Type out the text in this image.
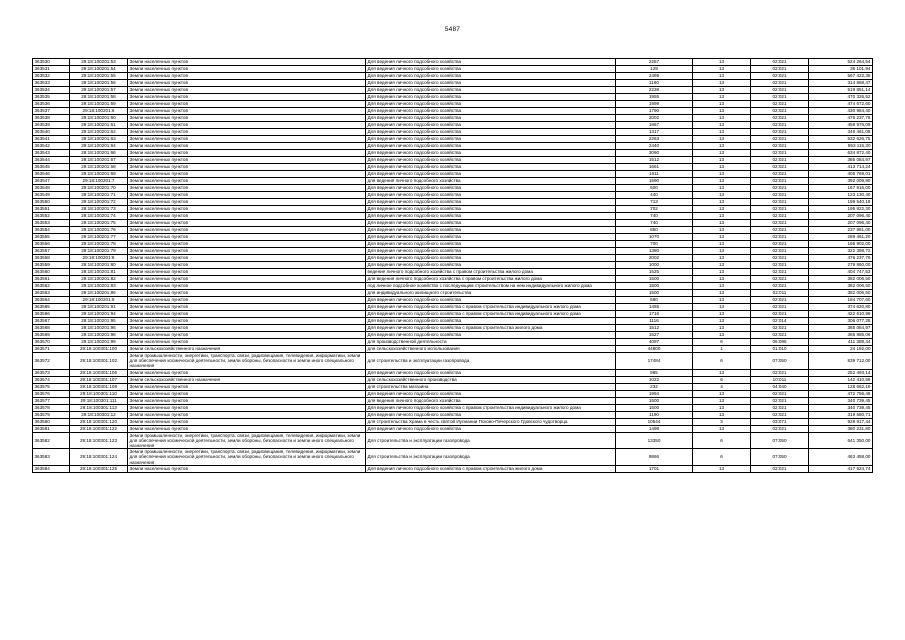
5487
363530	29:18:100201:53	Земли населенных пунктов	Для ведения личного подсобного хозяйства	2257	13	02:021	524 264,54
363531	29:18:100201:54	Земли населенных пунктов	Для ведения личного подсобного хозяйства	129	13	02:021	36 101,94
363532	29:18:100201:55	Земли населенных пунктов	Для ведения личного подсобного хозяйства	2499	13	02:021	567 422,35
363533	29:18:100201:56	Земли населенных пунктов	Для ведения личного подсобного хозяйства	1160	13	02:021	314 868,47
363534	29:18:100201:57	Земли населенных пунктов	Для ведения личного подсобного хозяйства	2238	13	02:021	519 851,14
363535	29:18:100201:58	Земли населенных пунктов	Для ведения личного подсобного хозяйства	1955	13	02:021	470 326,52
363536	29:18:100201:59	Земли населенных пунктов	Для ведения личного подсобного хозяйства	1999	13	02:021	474 672,60
363537	29:18:100201:6	Земли населенных пунктов	Для ведения личного подсобного хозяйства	1790	13	02:021	430 984,40
363538	29:18:100201:60	Земли населенных пунктов	Для ведения личного подсобного хозяйства	2002	13	02:021	476 237,76
363539	29:18:100201:61	Земли населенных пунктов	Для ведения личного подсобного хозяйства	1867	13	02:021	458 976,09
363540	29:18:100201:62	Земли населенных пунктов	Для ведения личного подсобного хозяйства	1317	13	02:021	346 461,08
363541	29:18:100201:63	Земли населенных пунктов	Для ведения личного подсобного хозяйства	2263	13	02:021	532 626,75
363542	29:18:100201:64	Земли населенных пунктов	Для ведения личного подсобного хозяйства	2440	13	02:021	553 115,30
363543	29:18:100201:66	Земли населенных пунктов	Для ведения личного подсобного хозяйства	3060	13	02:021	634 872,40
363544	29:18:100201:67	Земли населенных пунктов	Для ведения личного подсобного хозяйства	1512	13	02:021	385 084,97
363545	29:18:100201:68	Земли населенных пунктов	Для ведения личного подсобного хозяйства	1661	13	02:021	413 714,24
363546	29:18:100201:69	Земли населенных пунктов	Для ведения личного подсобного хозяйства	1611	13	02:021	405 769,01
363547	29:18:100201:7	Земли населенных пунктов	для ведения личного подсобного хозяйства	1590	13	02:021	392 009,90
363548	29:18:100201:70	Земли населенных пунктов	Для ведения личного подсобного хозяйства	600	13	02:021	167 916,00
363549	29:18:100201:71	Земли населенных пунктов	Для ведения личного подсобного хозяйства	440	13	02:021	123 130,40
363550	29:18:100201:72	Земли населенных пунктов	Для ведения личного подсобного хозяйства	713	13	02:021	199 540,18
363551	29:18:100201:73	Земли населенных пунктов	Для ведения личного подсобного хозяйства	702	13	02:021	195 922,30
363552	29:18:100201:74	Земли населенных пунктов	Для ведения личного подсобного хозяйства	740	13	02:021	207 096,40
363553	29:18:100201:75	Земли населенных пунктов	Для ведения личного подсобного хозяйства	740	13	02:021	207 096,40
363554	29:18:100201:76	Земли населенных пунктов	Для ведения личного подсобного хозяйства	850	13	02:021	237 881,00
363555	29:18:100201:77	Земли населенных пунктов	Для ведения личного подсобного хозяйства	1070	13	02:021	289 461,20
363556	29:18:100201:78	Земли населенных пунктов	Для ведения личного подсобного хозяйства	700	13	02:021	195 902,00
363557	29:18:100201:79	Земли населенных пунктов	Для ведения личного подсобного хозяйства	1380	13	02:021	322 398,72
363558	29:18:100201:8	Земли населенных пунктов	Для ведения личного подсобного хозяйства	2002	13	02:021	476 237,76
363559	29:18:100201:80	Земли населенных пунктов	Для ведения личного подсобного хозяйства	1000	13	02:021	279 860,00
363560	29:18:100201:81	Земли населенных пунктов	ведение личного подсобного хозяйства с правом строительства жилого дома	1525	13	02:021	404 747,53
363561	29:18:100201:82	Земли населенных пунктов	для ведения личного подсобного хозяйства с правом строительства жилого дома	1500	13	02:021	382 006,50
363562	29:18:100201:83	Земли населенных пунктов	под личное подсобное хозяйство с последующим строительством на нем индивидуального жилого дома	1500	13	02:021	382 006,50
363563	29:18:100201:86	Земли населенных пунктов	для индивидуального жилищного строительства	1500	13	02:011	382 006,50
363564	29:18:100201:9	Земли населенных пунктов	Для ведения личного подсобного хозяйства	660	13	02:021	184 707,60
363565	29:18:100201:91	Земли населенных пунктов	Для ведения личного подсобного хозяйства с правом строительства индивидуального жилого дома	1455	13	02:021	374 620,80
363566	29:18:100201:94	Земли населенных пунктов	Для ведения личного подсобного хозяйства с правом строительства индивидуального жилого дома	1716	13	02:021	422 610,99
363567	29:18:100201:95	Земли населенных пунктов	Для ведения личного подсобного хозяйства	1116	13	02:014	306 077,28
363568	29:18:100201:96	Земли населенных пунктов	Для ведения личного подсобного хозяйства с правом строительства жилого дома	1512	13	02:021	385 084,97
363569	29:18:100201:98	Земли населенных пунктов	Для ведения личного подсобного хозяйства	1527	13	02:021	386 885,06
363570	29:18:100201:99	Земли населенных пунктов	для производственной деятельности	4097	6	06:096	411 388,44
363571	29:18:100301:100	Земли сельскохозяйственного назначения	для сельскохозяйственного использования	44800	1	01:010	24 192,00
363572	29:18:100301:102	Земли промышленности, энергетики, транспорта, связи, радиовещания, телевидения, информатики, земли для обеспечения космической деятельности, земли обороны, безопасности и земли иного специального назначения	для строительства и эксплуатации газопровода	17484	6	07:050	839 712,00
363573	29:18:100301:106	Земли населенных пунктов	Для ведения личного подсобного хозяйства	965	13	02:021	252 493,14
363574	29:18:100301:107	Земли сельскохозяйственного назначения	для сельскохозяйственного производства	1022	6	10:011	142 410,59
363575	29:18:100301:108	Земли населенных пунктов	для строительства магазина	232	4	04:040	128 662,19
363576	29:18:100301:110	Земли населенных пунктов	Для ведения личного подсобного хозяйства	1994	13	02:021	472 756,46
363577	29:18:100301:111	Земли населенных пунктов	для ведения личного подсобного хозяйства	1500	13	02:021	340 739,45
363578	29:18:100301:113	Земли населенных пунктов	Для ведения личного подсобного хозяйства с правом строительства индивидуального жилого дома	1500	13	02:021	340 739,45
363579	29:18:100301:12	Земли населенных пунктов	Для ведения личного подсобного хозяйства	1190	13	02:021	319 580,71
363580	29:18:100301:120	Земли населенных пунктов	для строительства Храма в честь святой Иулиании Псково-Печерского Гдовского чудотворца	10544	3	03:071	928 917,44
363581	29:18:100301:122	Земли населенных пунктов	Для ведения личного подсобного хозяйства	1498	13	02:021	380 231,80
363582	29:18:100301:123	Земли промышленности, энергетики, транспорта, связи, радиовещания, телевидения, информатики, земли для обеспечения космической деятельности, земли обороны, безопасности и земли иного специального назначения	Для строительства и эксплуатации газопровода	13350	6	07:050	641 350,00
363583	29:18:100301:124	Земли промышленности, энергетики, транспорта, связи, радиовещания, телевидения, информатики, земли для обеспечения космической деятельности, земли обороны, безопасности и земли иного специального назначения	Для строительства и эксплуатации газопровода	9866	6	07:050	463 458,00
363584	29:18:100301:125	Земли населенных пунктов	Для ведения личного подсобного хозяйства с правом строительства жилого дома	1701	13	02:021	417 524,74
